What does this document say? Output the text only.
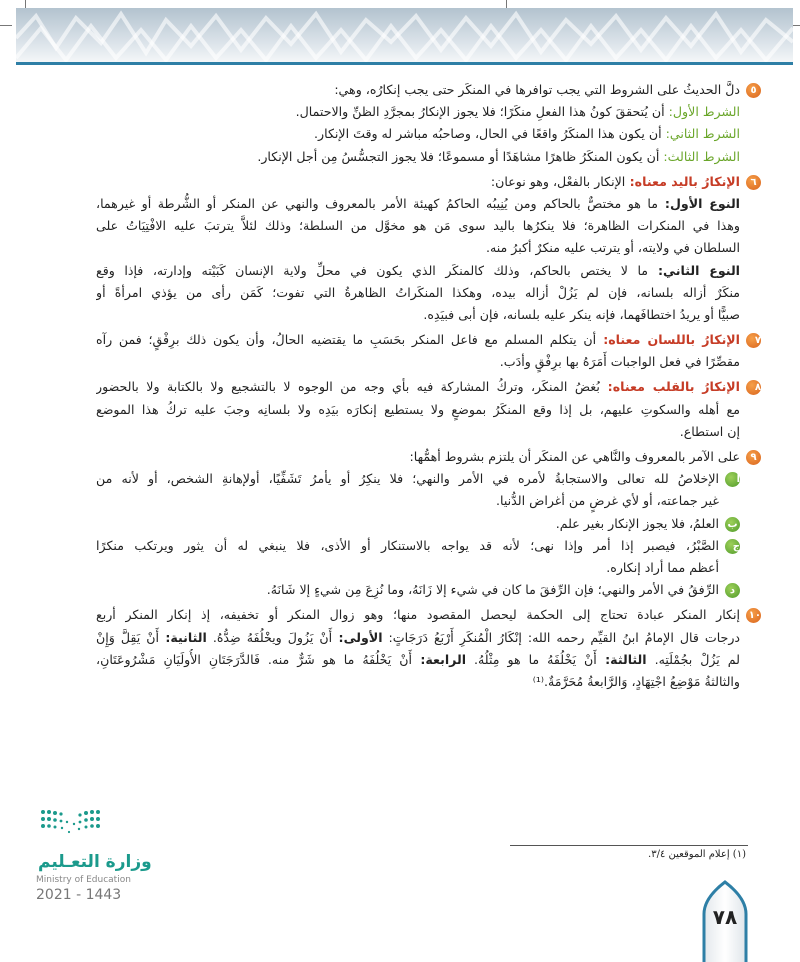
٥دلَّ الحديثُ على الشروط التي يجب توافرها في المنكَر حتى يجب إنكارُه، وهي:
الشرط الأول: أن يُتحققَ كونُ هذا الفعلِ منكَرًا؛ فلا يجوز الإنكارُ بمجرَّدِ الظنِّ والاحتمال.
الشرط الثاني: أن يكون هذا المنكَرُ واقعًا في الحال، وصاحبُه مباشر له وقتَ الإنكار.
الشرط الثالث: أن يكون المنكَرُ ظاهرًا مشاهَدًا أو مسموعًا؛ فلا يجوز التجسُّسُ مِن أجل الإنكار.
٦الإنكارُ باليد معناه: الإنكار بالفعْل، وهو نوعان:
النوع الأول: ما هو مختصٌّ بالحاكم ومن يُنِيبُه الحاكمُ كهيئة الأمر بالمعروف والنهي عن المنكر أو الشُّرطة أو غيرهما،
وهذا في المنكرات الظاهرة؛ فلا ينكرُها باليد سوى مَن هو مخوَّل من السلطة؛ وذلك لئلاَّ يترتبَ عليه الافْتِيَاتُ على
السلطان في ولايته، أو يترتب عليه منكرٌ أكبرُ منه.
النوع الثاني: ما لا يختص بالحاكم، وذلك كالمنكَر الذي يكون في محلِّ ولاية الإنسان كَبَيْته وإدارته، فإذا وقع
منكَرٌ أزاله بلسانه، فإن لم يَزُلْ أزاله بيده، وهكذا المنكَراتُ الظاهرةُ التي تفوت؛ كَمَن رأى من يؤذي امرأةً أو
صبيًّا أو يريدُ اختطافَهما، فإنه ينكر عليه بلسانه، فإن أبى فبيَدِه.
٧الإنكارُ باللسان معناه: أن يتكلم المسلم مع فاعل المنكر بحَسَبِ ما يقتضيه الحالُ، وأن يكون ذلك برِفْقٍ؛ فمن رآه
مقصِّرًا في فعل الواجبات أَمَرَهُ بها برِفْقٍ وأدَب.
٨الإنكارُ بالقلب معناه: بُغضُ المنكَر، وتركُ المشاركة فيه بأي وجه من الوجوه لا بالتشجيع ولا بالكتابة ولا بالحضور
مع أهله والسكوتِ عليهم، بل إذا وقع المنكَرُ بموضعٍ ولا يستطيع إنكارَه بيَدِه ولا بلسانِه وجبَ عليه تركُ هذا الموضع
إن استطاع.
٩على الآمر بالمعروف والنَّاهي عن المنكَر أن يلتزم بشروط أهمُّها:
أالإخلاصُ لله تعالى والاستجابةُ لأمره في الأمر والنهي؛ فلا ينكِرُ أو يأمرُ تَشَفِّيًا، أولإهانةِ الشخص، أو لأنه من
غير جماعته، أو لأي غرضٍ من أغراض الدُّنيا.
بالعلمُ، فلا يجوز الإنكار بغير علم.
جالصَّبْرُ، فيصبر إذا أمر وإذا نهى؛ لأنه قد يواجه بالاستنكار أو الأذى، فلا ينبغي له أن يثور ويرتكب منكرًا
أعظم مما أراد إنكاره.
دالرِّفقُ في الأمر والنهي؛ فإن الرِّفقَ ما كان في شيء إلا زَانَهُ، وما نُزِعَ مِن شيءٍ إلا شَانَهُ.
١٠إنكار المنكر عبادة تحتاج إلى الحكمة ليحصل المقصود منها؛ وهو زوال المنكر أو تخفيفه، إذ إنكار المنكر أربع
درجات قال الإمامُ ابنُ القيِّم رحمه الله: إنْكَارُ الْمُنكَرِ أَرْبَعُ دَرَجَاتٍ: الأولى: أَنْ يَزُولَ ويخْلُفَهُ ضِدُّهُ. الثانية: أَنْ يَقِلَّ وَإِنْ
لم يَزُلْ بجُمْلَتِه. الثالثة: أَنْ يَخْلُفَهُ ما هو مِثْلُهُ. الرابعة: أَنْ يَخْلُفَهُ ما هو شَرٌّ منه. فَالدَّرَجَتَانِ الأُولَيَانِ مَشْرُوعَتَانِ،
والثالثةُ مَوْضِعُ اجْتِهَادٍ، وَالرَّابعةُ مُحَرَّمَةٌ.⁽¹⁾
وزارة التعـليم
Ministry of Education
2021 - 1443
(١) إعلام الموقعين ٣/٤.
٧٨
